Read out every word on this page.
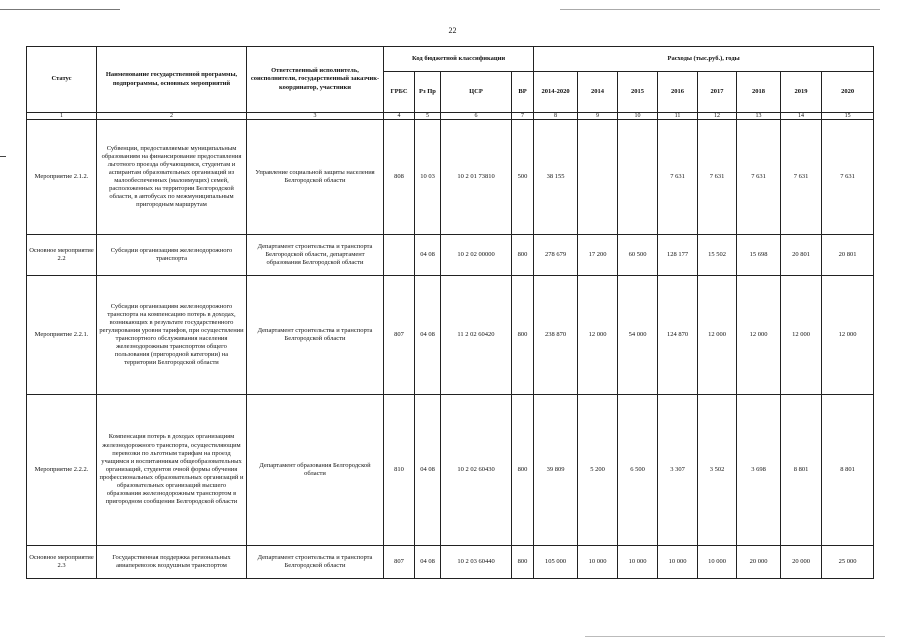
22
Статус	Наименование государственной программы, подпрограммы, основных мероприятий	Ответственный исполнитель, соисполнители, государственный заказчик-координатор, участники	Код бюджетной классификации				Расходы (тыс.руб.), годы							
			ГРБС	Рз Пр	ЦСР	ВР	2014-2020	2014	2015	2016	2017	2018	2019	2020
1	2	3	4	5	6	7	8	9	10	11	12	13	14	15
Мероприятие 2.1.2.	Субвенции, предоставляемые муниципальным образованиям на финансирование предоставления льготного проезда обучающимся, студентам и аспирантам образовательных организаций из малообеспеченных (малоимущих) семей, расположенных на территории Белгородской области, в автобусах по межмуниципальным пригородным маршрутам	Управление социальной защиты населения Белгородской области	808	10 03	10 2 01 73810	500	38 155			7 631	7 631	7 631	7 631	7 631
Основное мероприятие 2.2	Субсидии организациям железнодорожного транспорта	Департамент строительства и транспорта Белгородской области, департамент образования Белгородской области		04 08	10 2 02 00000	800	278 679	17 200	60 500	128 177	15 502	15 698	20 801	20 801
Мероприятие 2.2.1.	Субсидии организациям железнодорожного транспорта на компенсацию потерь в доходах, возникающих в результате государственного регулирования уровня тарифов, при осуществлении транспортного обслуживания населения железнодорожным транспортом общего пользования (пригородной категории) на территории Белгородской области	Департамент строительства и транспорта Белгородской области	807	04 08	11 2 02 60420	800	238 870	12 000	54 000	124 870	12 000	12 000	12 000	12 000
Мероприятие 2.2.2.	Компенсация потерь в доходах организациям железнодорожного транспорта, осуществляющим перевозки по льготным тарифам на проезд учащимся и воспитанникам общеобразовательных организаций, студентов очной формы обучения профессиональных образовательных организаций и образовательных организаций высшего образования железнодорожным транспортом в пригородном сообщении Белгородской области	Департамент образования Белгородской области	810	04 08	10 2 02 60430	800	39 809	5 200	6 500	3 307	3 502	3 698	8 801	8 801
Основное мероприятие 2.3	Государственная поддержка региональных авиаперевозок воздушным транспортом	Департамент строительства и транспорта Белгородской области	807	04 08	10 2 03 60440	800	105 000	10 000	10 000	10 000	10 000	20 000	20 000	25 000
